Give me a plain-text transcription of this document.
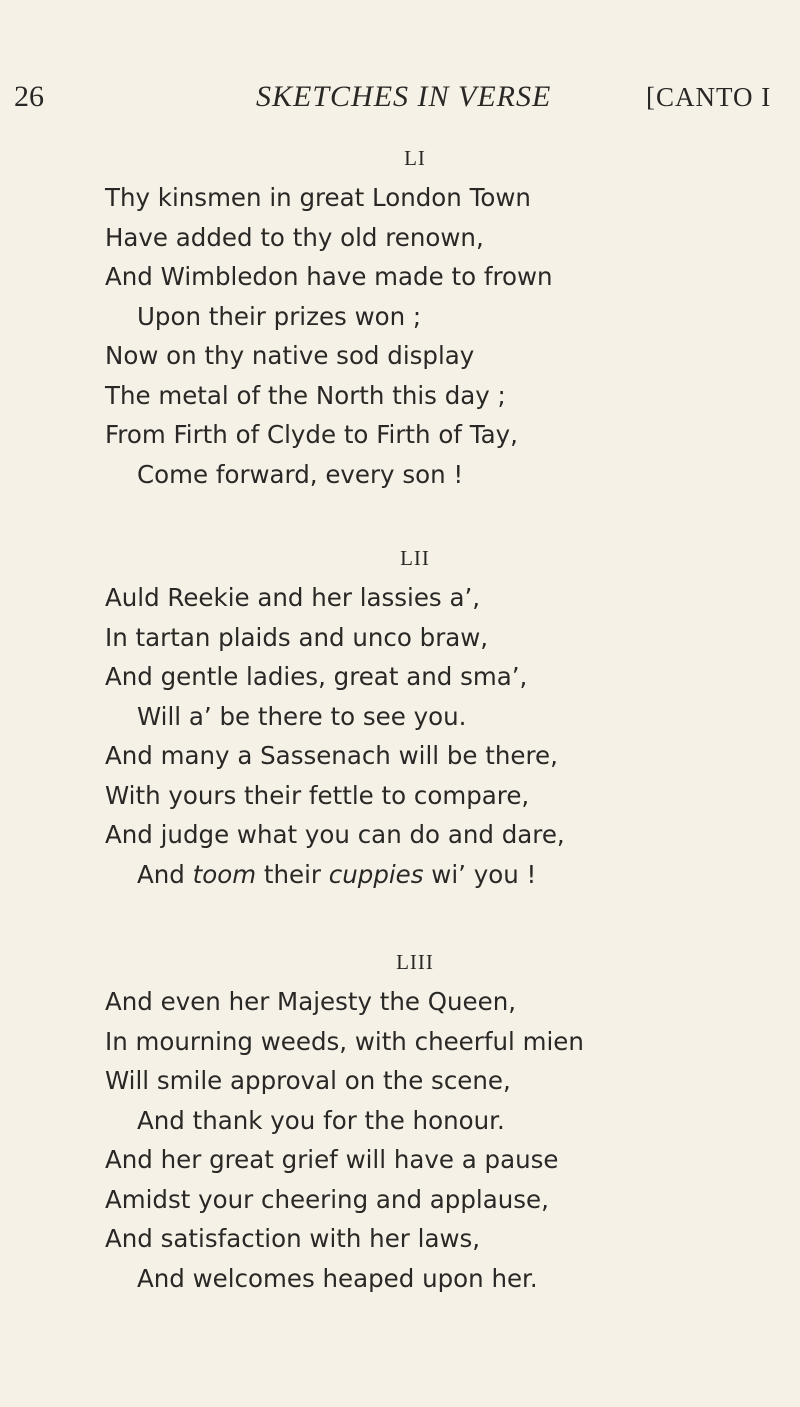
26	SKETCHES IN VERSE	[CANTO I
LI
Thy kinsmen in great London Town
Have added to thy old renown,
And Wimbledon have made to frown
Upon their prizes won ;
Now on thy native sod display
The metal of the North this day ;
From Firth of Clyde to Firth of Tay,
Come forward, every son !
LII
Auld Reekie and her lassies a’,
In tartan plaids and unco braw,
And gentle ladies, great and sma’,
Will a’ be there to see you.
And many a Sassenach will be there,
With yours their fettle to compare,
And judge what you can do and dare,
And toom their cuppies wi’ you !
LIII
And even her Majesty the Queen,
In mourning weeds, with cheerful mien
Will smile approval on the scene,
And thank you for the honour.
And her great grief will have a pause
Amidst your cheering and applause,
And satisfaction with her laws,
And welcomes heaped upon her.
